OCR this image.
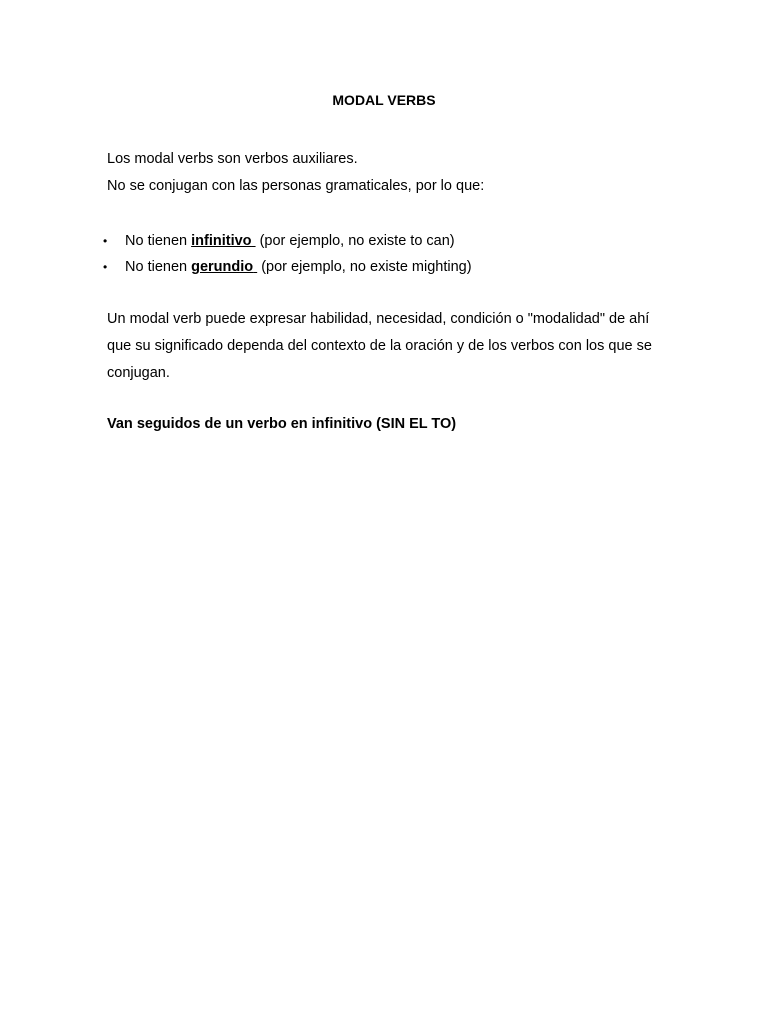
MODAL VERBS
Los modal verbs son verbos auxiliares.
No se conjugan con las personas gramaticales, por lo que:
• No tienen infinitivo  (por ejemplo, no existe to can)
• No tienen gerundio  (por ejemplo, no existe mighting)
Un modal verb puede expresar habilidad, necesidad, condición o "modalidad" de ahí que su significado dependa del contexto de la oración y de los verbos con los que se conjugan.
Van seguidos de un verbo en infinitivo (SIN EL TO)
